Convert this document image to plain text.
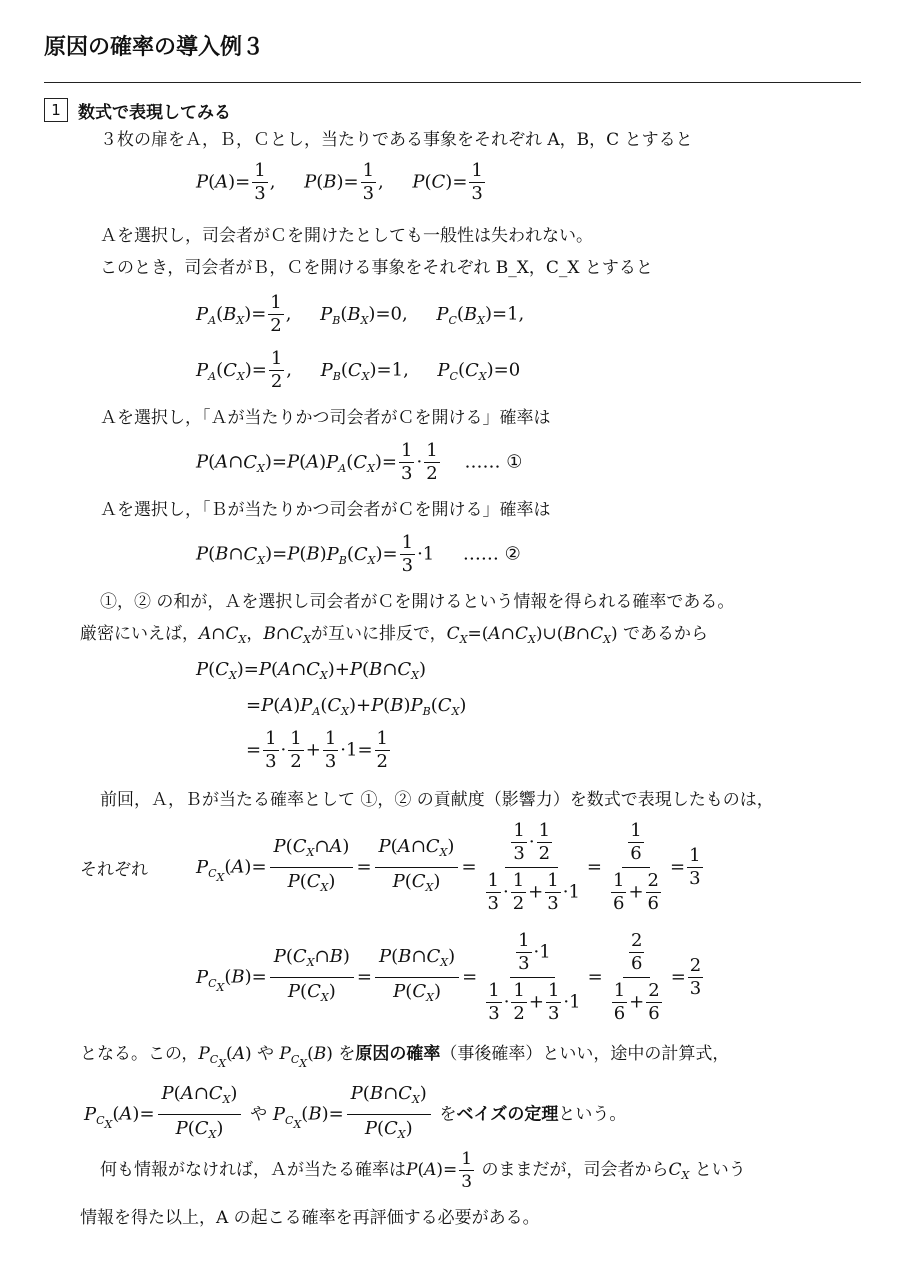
原因の確率の導入例３
1	数式で表現してみる
３枚の扉をＡ，Ｂ，Ｃとし，当たりである事象をそれぞれ A，B，C とすると
$P(A)= \frac{1}{3}$ ,     $P(B)= \frac{1}{3}$ ,     $P(C)= \frac{1}{3}$
Ａを選択し，司会者がＣを開けたとしても一般性は失われない。
このとき，司会者がＢ，Ｃを開ける事象をそれぞれ B_X，C_X とすると
$P_A(B_X)= \frac{1}{2}$ ,     $P_B(B_X)=0$,     $P_C(B_X)=1$,
$P_A(C_X)= \frac{1}{2}$ ,     $P_B(C_X)=1$,     $P_C(C_X)=0$
Ａを選択し，「Ａが当たりかつ司会者がＣを開ける」確率は
$P(A\cap C_X)=P(A)P_A(C_X)= \frac{1}{3} \cdot \frac{1}{2}$ …… ①
Ａを選択し，「Ｂが当たりかつ司会者がＣを開ける」確率は
$P(B\cap C_X)=P(B)P_B(C_X)= \frac{1}{3} \cdot 1$     …… ②
①，② の和が，Ａを選択し司会者がＣを開けるという情報を得られる確率である。
厳密にいえば，$A\cap C_X$，$B\cap C_X$が互いに排反で，$C_X=(A\cap C_X)\cup(B\cap C_X)$ であるから
$P(C_X)=P(A\cap C_X)+P(B\cap C_X)$
$=P(A)P_A(C_X)+P(B)P_B(C_X)$
= $\frac{1}{3} \cdot \frac{1}{2} + \frac{1}{3} \cdot 1= \frac{1}{2}$
前回，Ａ，Ｂが当たる確率として ①，② の貢献度（影響力）を数式で表現したものは，
それぞれ	$P_{C_X}(A)= \frac{P(C_X\cap A)}{P(C_X)} = \frac{P(A\cap C_X)}{P(C_X)} = \frac{\frac{1}{3} \cdot \frac{1}{2}}{\frac{1}{3} \cdot \frac{1}{2} + \frac{1}{3} \cdot 1} = \frac{\frac{1}{6}}{\frac{1}{6} + \frac{2}{6}} = \frac{1}{3}$
$P_{C_X}(B)= \frac{P(C_X\cap B)}{P(C_X)} = \frac{P(B\cap C_X)}{P(C_X)} = \frac{\frac{1}{3} \cdot 1}{\frac{1}{3} \cdot \frac{1}{2} + \frac{1}{3} \cdot 1} = \frac{\frac{2}{6}}{\frac{1}{6} + \frac{2}{6}} = \frac{2}{3}$
となる。この，$P_{C_X}(A)$ や $P_{C_X}(B)$ を原因の確率（事後確率）といい，途中の計算式，
$P_{C_X}(A)= \frac{P(A\cap C_X)}{P(C_X)}$ や $P_{C_X}(B)= \frac{P(B\cap C_X)}{P(C_X)}$ をベイズの定理という。
何も情報がなければ，Ａが当たる確率は$P(A)= \frac{1}{3}$ のままだが，司会者から$C_X$ という
情報を得た以上，A の起こる確率を再評価する必要がある。
